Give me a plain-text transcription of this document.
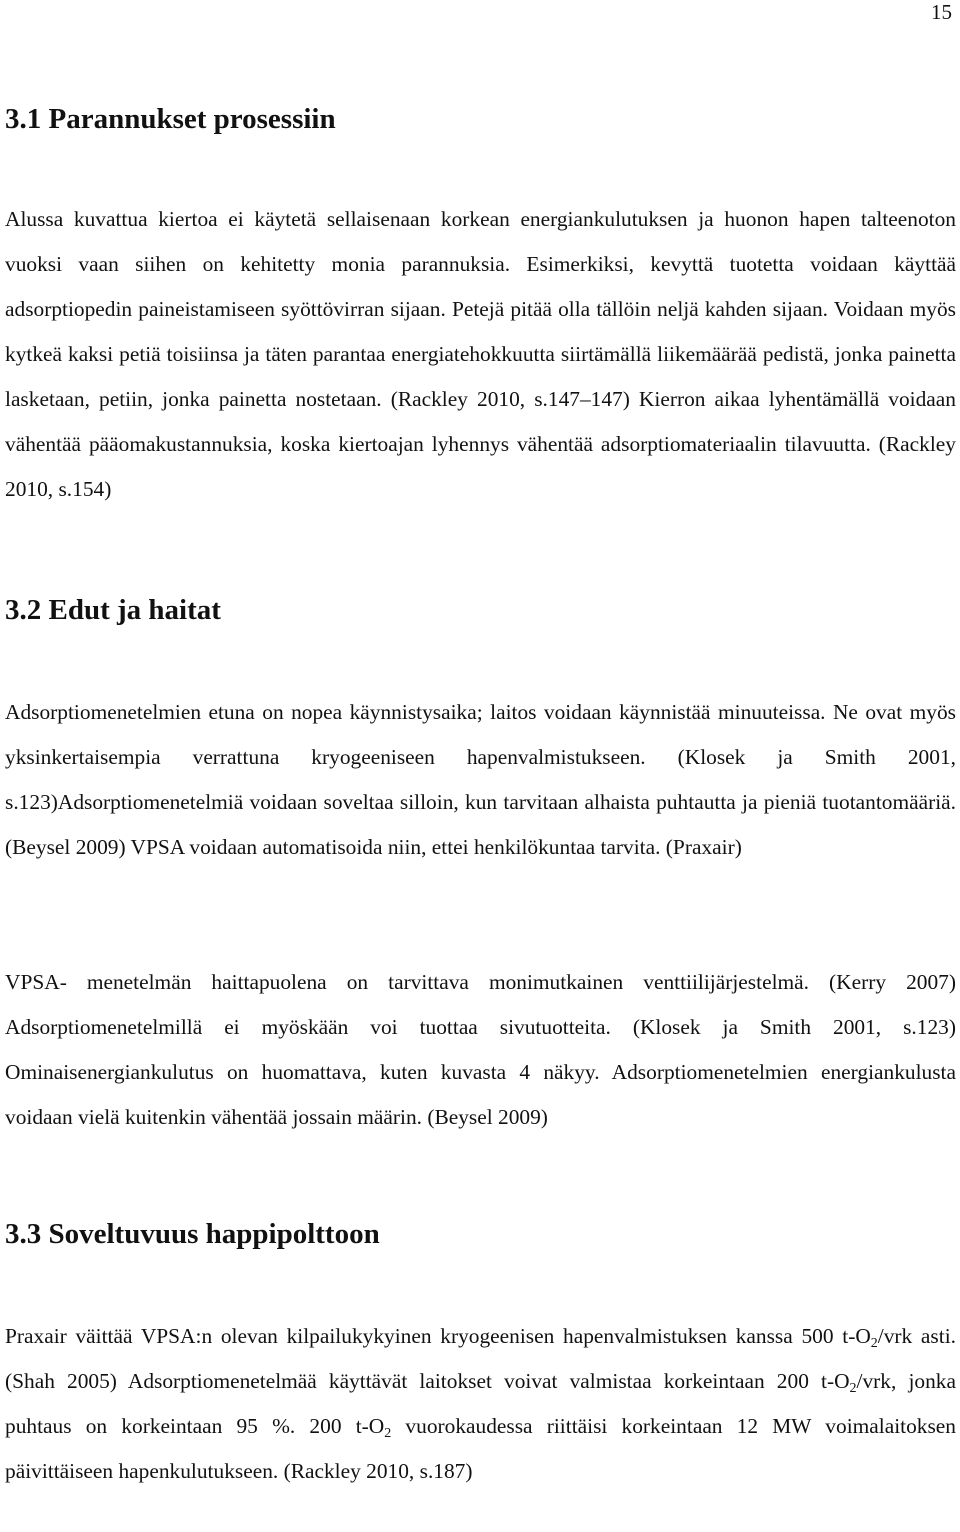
15
3.1 Parannukset prosessiin

Alussa kuvattua kiertoa ei käytetä sellaisenaan korkean energiankulutuksen ja huonon hapen talteenoton vuoksi vaan siihen on kehitetty monia parannuksia. Esimerkiksi, kevyttä tuotetta voidaan käyttää adsorptiopedin paineistamiseen syöttövirran sijaan. Petejä pitää olla tällöin neljä kahden sijaan. Voidaan myös kytkeä kaksi petiä toisiinsa ja täten parantaa energiatehokkuutta siirtämällä liikemäärää pedistä, jonka painetta lasketaan, petiin, jonka painetta nostetaan. (Rackley 2010, s.147–147) Kierron aikaa lyhentämällä voidaan vähentää pääomakustannuksia, koska kiertoajan lyhennys vähentää adsorptiomateriaalin tilavuutta. (Rackley 2010, s.154)

3.2 Edut ja haitat

Adsorptiomenetelmien etuna on nopea käynnistysaika; laitos voidaan käynnistää minuuteissa. Ne ovat myös yksinkertaisempia verrattuna kryogeeniseen hapenvalmistukseen. (Klosek ja Smith 2001, s.123)Adsorptiomenetelmiä voidaan soveltaa silloin, kun tarvitaan alhaista puhtautta ja pieniä tuotantomääriä. (Beysel 2009) VPSA voidaan automatisoida niin, ettei henkilökuntaa tarvita. (Praxair)

VPSA- menetelmän haittapuolena on tarvittava monimutkainen venttiilijärjestelmä. (Kerry 2007) Adsorptiomenetelmillä ei myöskään voi tuottaa sivutuotteita. (Klosek ja Smith 2001, s.123) Ominaisenergiankulutus on huomattava, kuten kuvasta 4 näkyy. Adsorptiomenetelmien energiankulusta voidaan vielä kuitenkin vähentää jossain määrin. (Beysel 2009)

3.3 Soveltuvuus happipolttoon

Praxair väittää VPSA:n olevan kilpailukykyinen kryogeenisen hapenvalmistuksen kanssa 500 $t-O_2$/vrk asti. (Shah 2005) Adsorptiomenetelmää käyttävät laitokset voivat valmistaa korkeintaan 200 $t-O_2$/vrk, jonka puhtaus on korkeintaan 95 %. 200 $t-O_2$ vuorokaudessa riittäisi korkeintaan 12 MW voimalaitoksen päivittäiseen hapenkulutukseen. (Rackley 2010, s.187)
